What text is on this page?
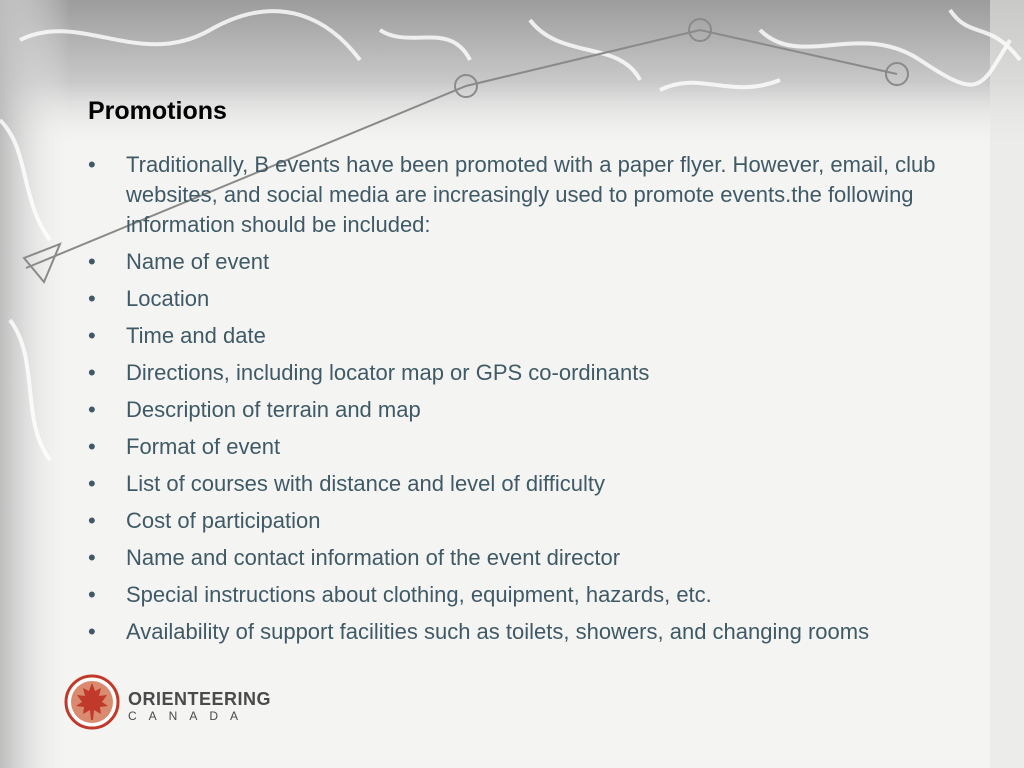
Promotions
• Traditionally, B events have been promoted with a paper flyer. However, email, club websites, and social media are increasingly used to promote events.the following information should be included:
• Name of event
• Location
• Time and date
• Directions, including locator map or GPS co-ordinants
• Description of terrain and map
• Format of event
• List of courses with distance and level of difficulty
• Cost of participation
• Name and contact information of the event director
• Special instructions about clothing, equipment, hazards, etc.
• Availability of support facilities such as toilets, showers, and changing rooms
ORIENTEERING
CANADA
